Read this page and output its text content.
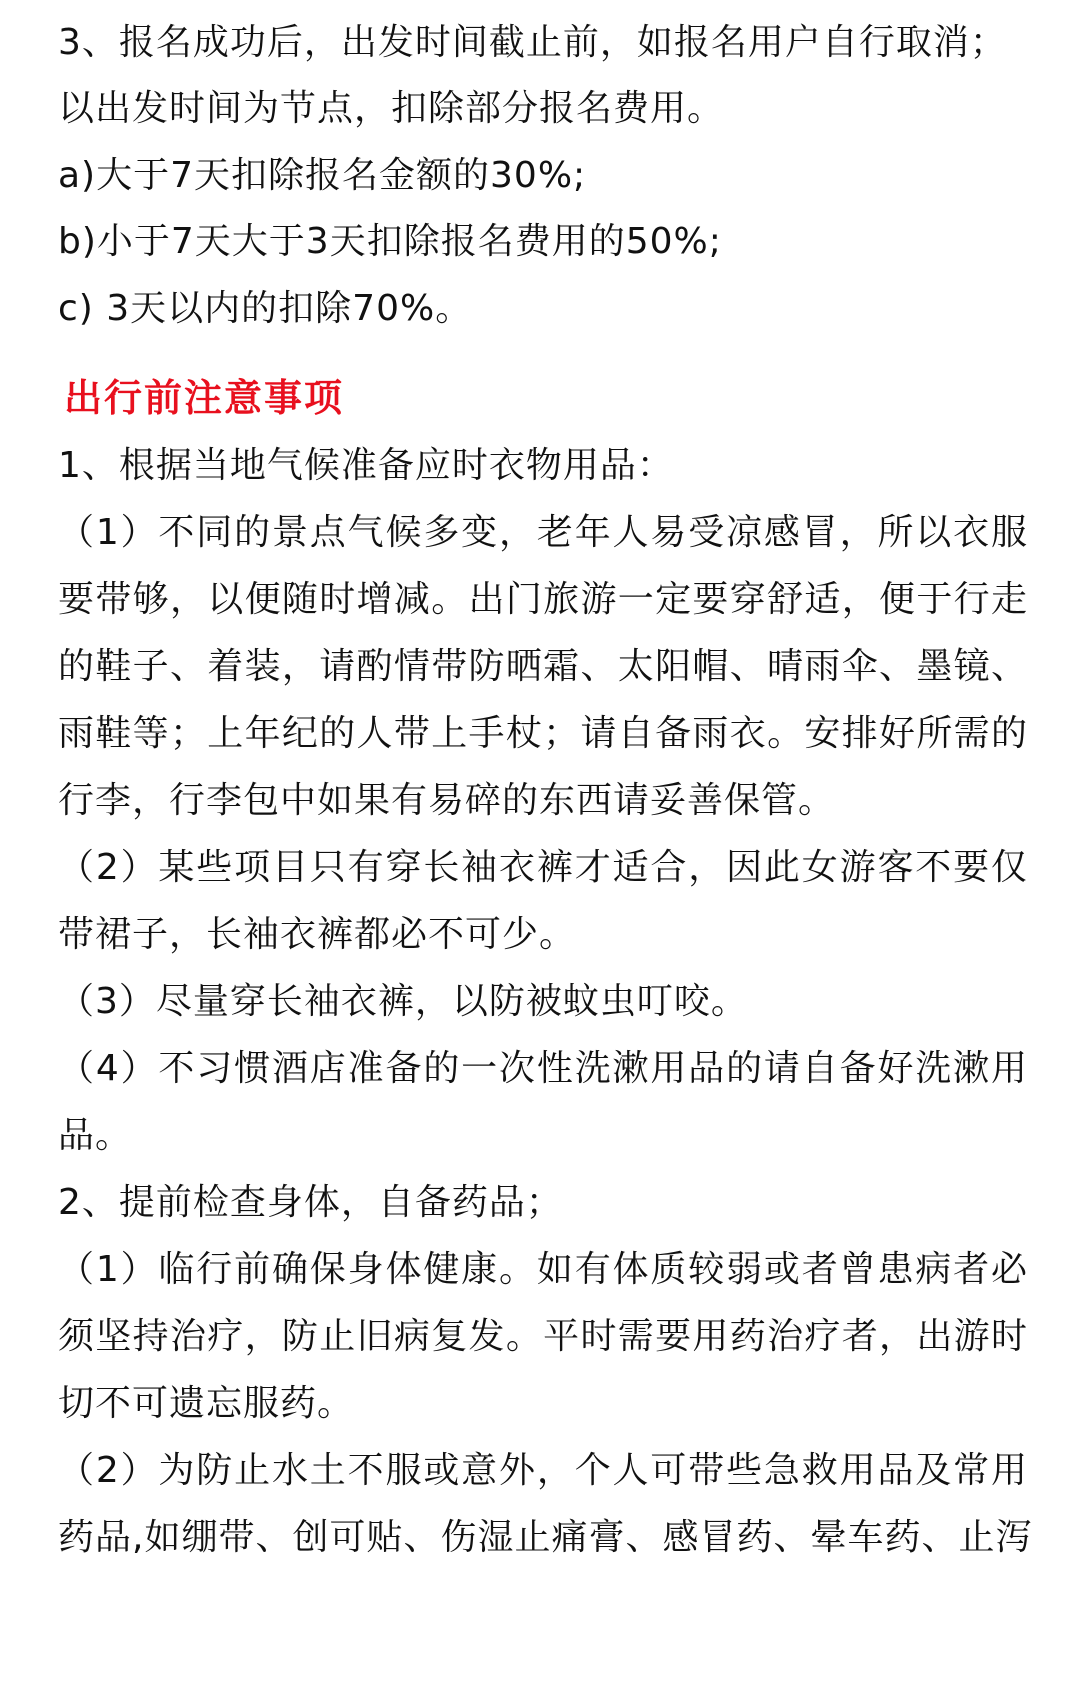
3、报名成功后，出发时间截止前，如报名用户自行取消；
以出发时间为节点，扣除部分报名费用。
a)大于7天扣除报名金额的30%;
b)小于7天大于3天扣除报名费用的50%;
c) 3天以内的扣除70%。
出行前注意事项
1、根据当地气候准备应时衣物用品：
（1）不同的景点气候多变，老年人易受凉感冒，所以衣服
要带够，以便随时增减。出门旅游一定要穿舒适，便于行走
的鞋子、着装，请酌情带防晒霜、太阳帽、晴雨伞、墨镜、
雨鞋等；上年纪的人带上手杖；请自备雨衣。安排好所需的
行李，行李包中如果有易碎的东西请妥善保管。
（2）某些项目只有穿长袖衣裤才适合，因此女游客不要仅
带裙子，长袖衣裤都必不可少。
（3）尽量穿长袖衣裤，以防被蚊虫叮咬。
（4）不习惯酒店准备的一次性洗漱用品的请自备好洗漱用
品。
2、提前检查身体，自备药品；
（1）临行前确保身体健康。如有体质较弱或者曾患病者必
须坚持治疗，防止旧病复发。平时需要用药治疗者，出游时
切不可遗忘服药。
（2）为防止水土不服或意外，个人可带些急救用品及常用
药品,如绷带、创可贴、伤湿止痛膏、感冒药、晕车药、止泻
